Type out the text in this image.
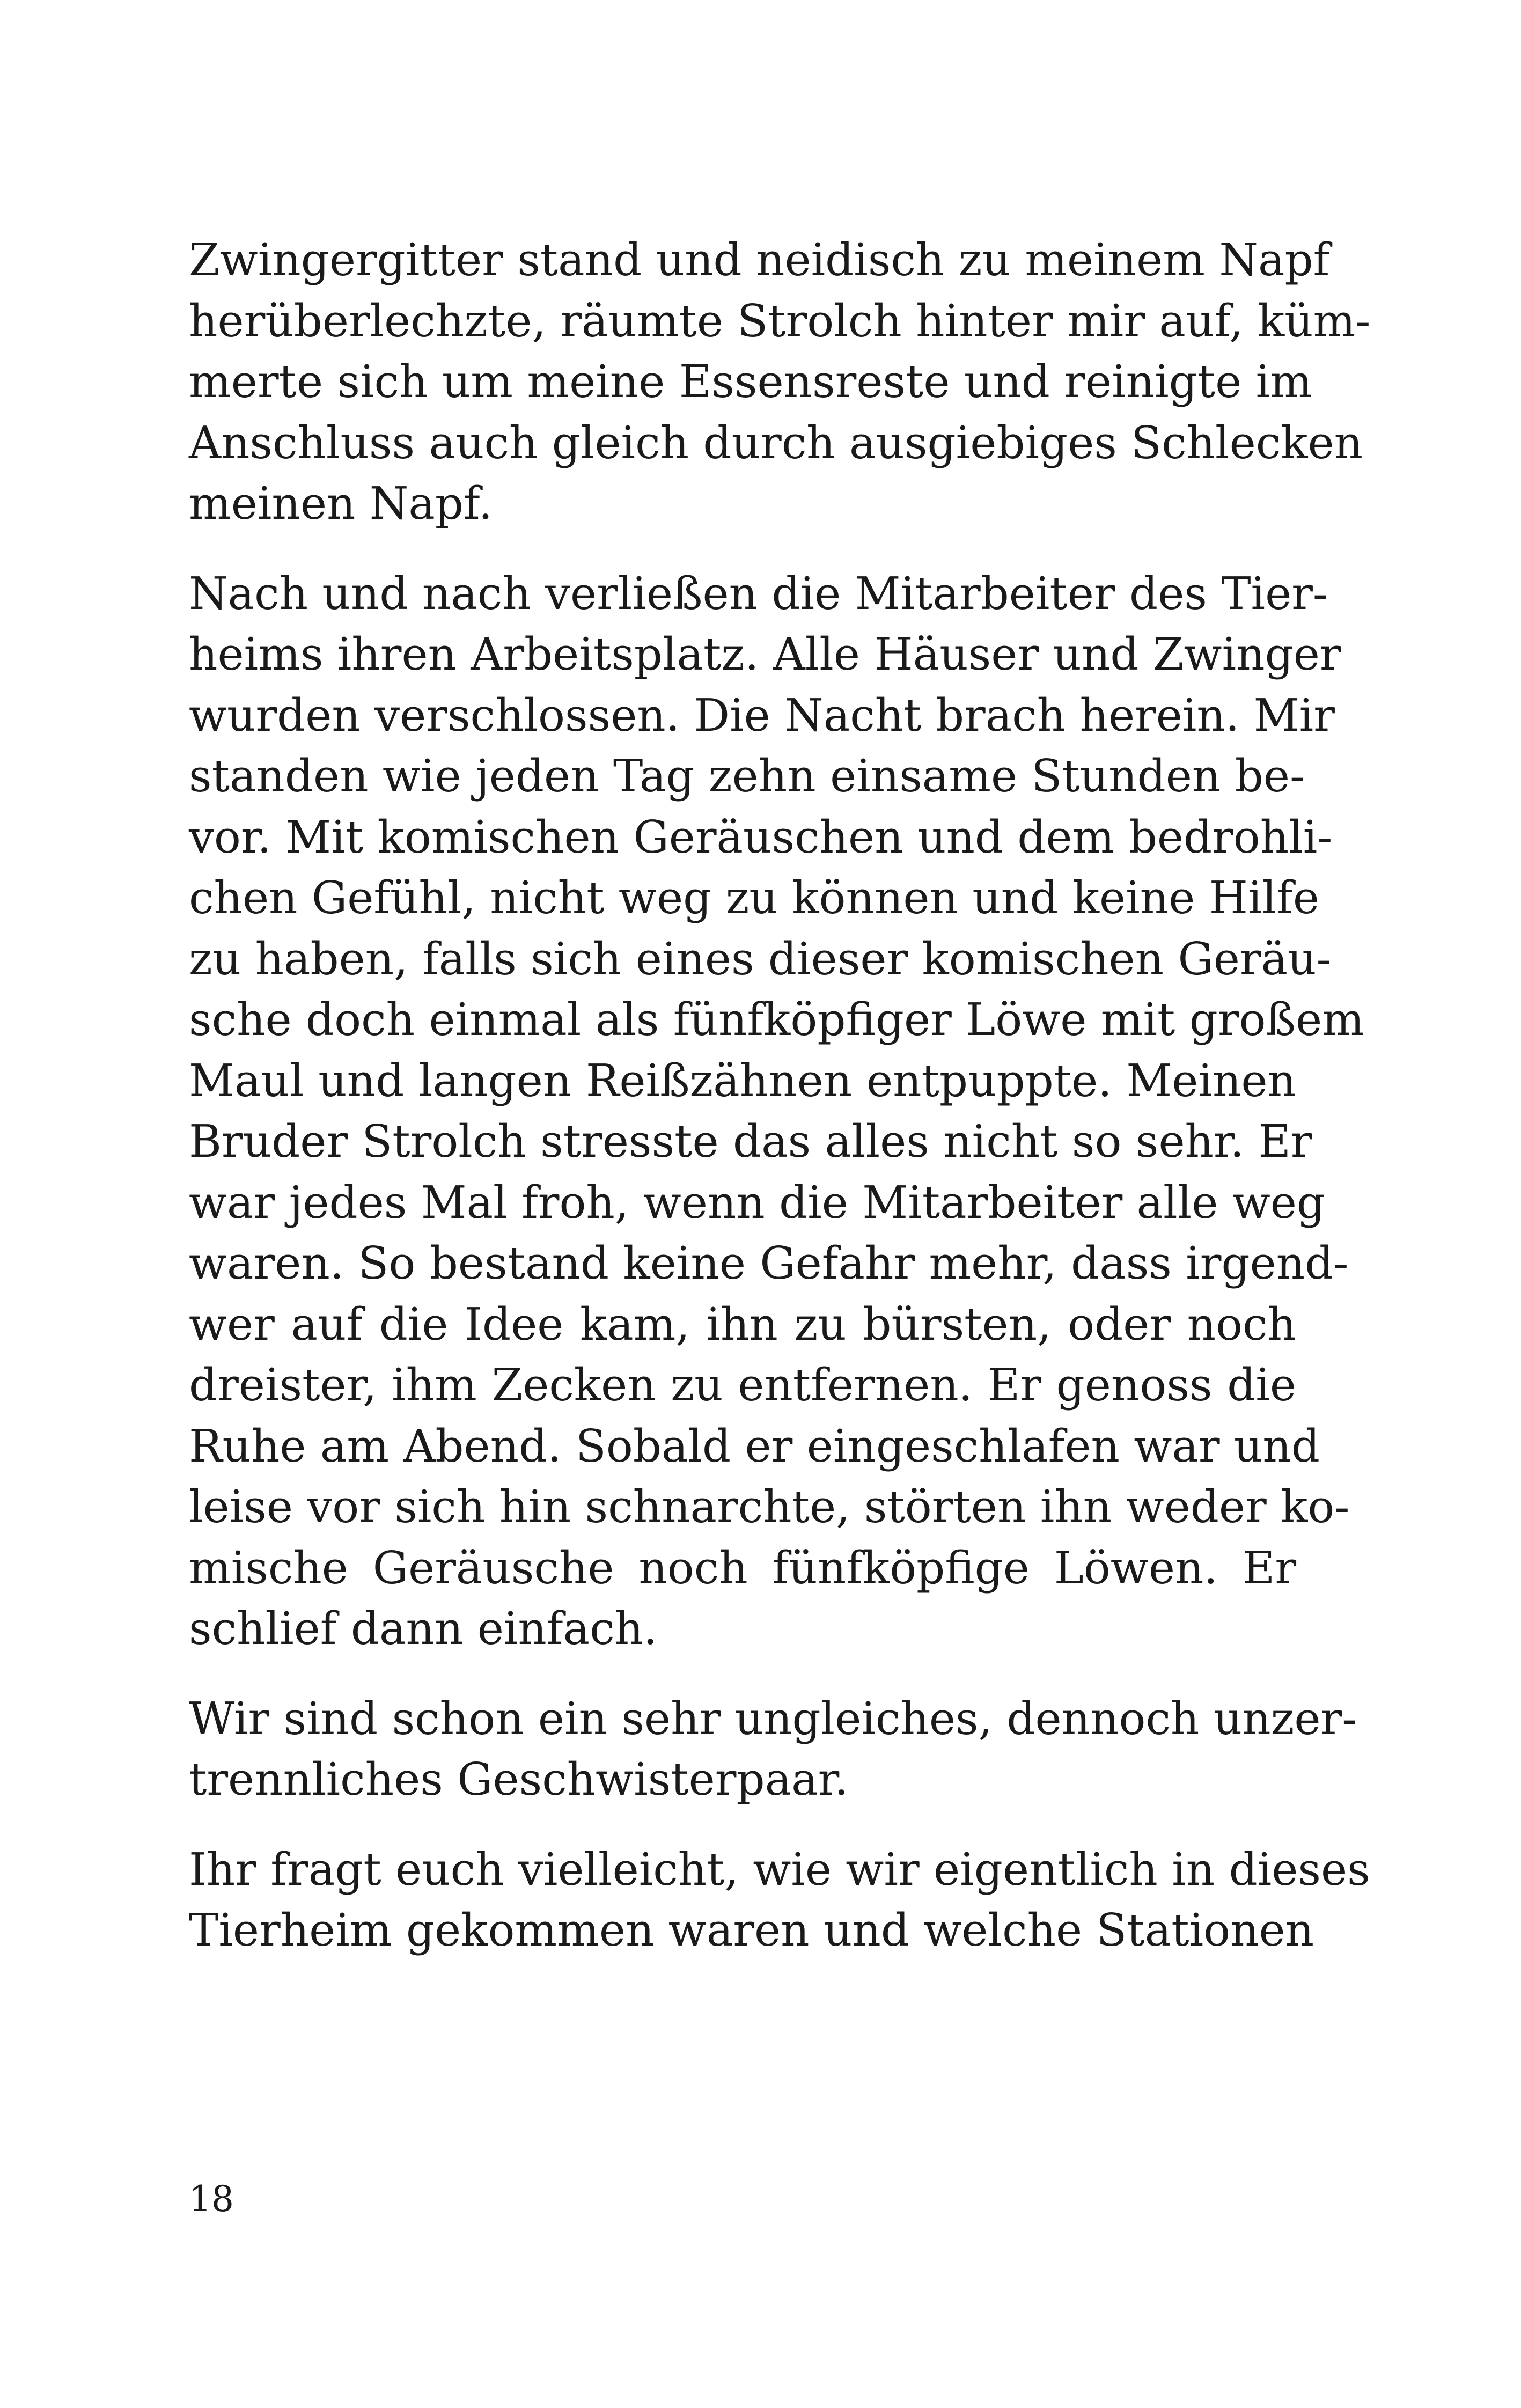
Zwingergitter stand und neidisch zu meinem Napf
herüberlechzte, räumte Strolch hinter mir auf, küm-
merte sich um meine Essensreste und reinigte im
Anschluss auch gleich durch ausgiebiges Schlecken
meinen Napf.

Nach und nach verließen die Mitarbeiter des Tier-
heims ihren Arbeitsplatz. Alle Häuser und Zwinger
wurden verschlossen. Die Nacht brach herein. Mir
standen wie jeden Tag zehn einsame Stunden be-
vor. Mit komischen Geräuschen und dem bedrohli-
chen Gefühl, nicht weg zu können und keine Hilfe
zu haben, falls sich eines dieser komischen Geräu-
sche doch einmal als fünfköpfiger Löwe mit großem
Maul und langen Reißzähnen entpuppte. Meinen
Bruder Strolch stresste das alles nicht so sehr. Er
war jedes Mal froh, wenn die Mitarbeiter alle weg
waren. So bestand keine Gefahr mehr, dass irgend-
wer auf die Idee kam, ihn zu bürsten, oder noch
dreister, ihm Zecken zu entfernen. Er genoss die
Ruhe am Abend. Sobald er eingeschlafen war und
leise vor sich hin schnarchte, störten ihn weder ko-
mische Geräusche noch fünfköpfige Löwen. Er
schlief dann einfach.

Wir sind schon ein sehr ungleiches, dennoch unzer-
trennliches Geschwisterpaar.

Ihr fragt euch vielleicht, wie wir eigentlich in dieses
Tierheim gekommen waren und welche Stationen

18
